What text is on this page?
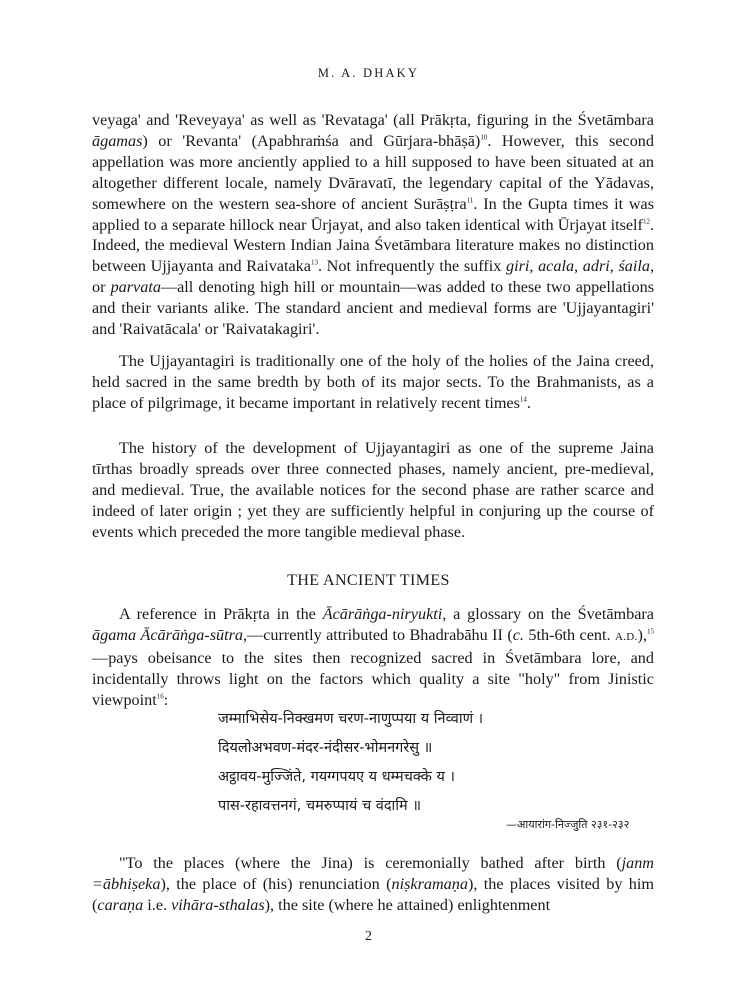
M. A. DHAKY
veyaga' and 'Reveyaya' as well as 'Revataga' (all Prākṛta, figuring in the Śvetāmbara āgamas) or 'Revanta' (Apabhraṁśa and Gūrjara-bhāṣā)$^{10}$. However, this second appellation was more anciently applied to a hill supposed to have been situated at an altogether different locale, namely Dvāravatī, the legendary capital of the Yādavas, somewhere on the western sea-shore of ancient Surāṣṭra$^{11}$. In the Gupta times it was applied to a separate hillock near Ūrjayat, and also taken identical with Ūrjayat itself$^{12}$. Indeed, the medieval Western Indian Jaina Śvetāmbara literature makes no distinction between Ujjayanta and Raivataka$^{13}$. Not infrequently the suffix giri, acala, adri, śaila, or parvata—all denoting high hill or mountain—was added to these two appellations and their variants alike. The standard ancient and medieval forms are 'Ujjayantagiri' and 'Raivatācala' or 'Raivatakagiri'.
The Ujjayantagiri is traditionally one of the holy of the holies of the Jaina creed, held sacred in the same bredth by both of its major sects. To the Brahmanists, as a place of pilgrimage, it became important in relatively recent times$^{14}$.
The history of the development of Ujjayantagiri as one of the supreme Jaina tīrthas broadly spreads over three connected phases, namely ancient, pre-medieval, and medieval. True, the available notices for the second phase are rather scarce and indeed of later origin ; yet they are sufficiently helpful in conjuring up the course of events which preceded the more tangible medieval phase.
THE ANCIENT TIMES
A reference in Prākṛta in the Ācārāṅga-niryukti, a glossary on the Śvetāmbara āgama Ācārāṅga-sūtra,—currently attributed to Bhadrabāhu II (c. 5th-6th cent. A.D.),$^{15}$—pays obeisance to the sites then recognized sacred in Śvetāmbara lore, and incidentally throws light on the factors which quality a site "holy" from Jinistic viewpoint$^{16}$:
जम्माभिसेय-निक्खमण चरण-नाणुप्पया य निव्वाणं ।
दियलोअभवण-मंदर-नंदीसर-भोमनगरेसु ॥
अट्ठावय-मुज्जिंते, गयग्गपयए य धम्मचक्के य ।
पास-रहावत्तनगं, चमरुप्पायं च वंदामि ॥
—आयारांग-निज्जुति २३१-२३२
"To the places (where the Jina) is ceremonially bathed after birth (janm =ābhiṣeka), the place of (his) renunciation (niṣkramaṇa), the places visited by him (caraṇa i.e. vihāra-sthalas), the site (where he attained) enlightenment
2
